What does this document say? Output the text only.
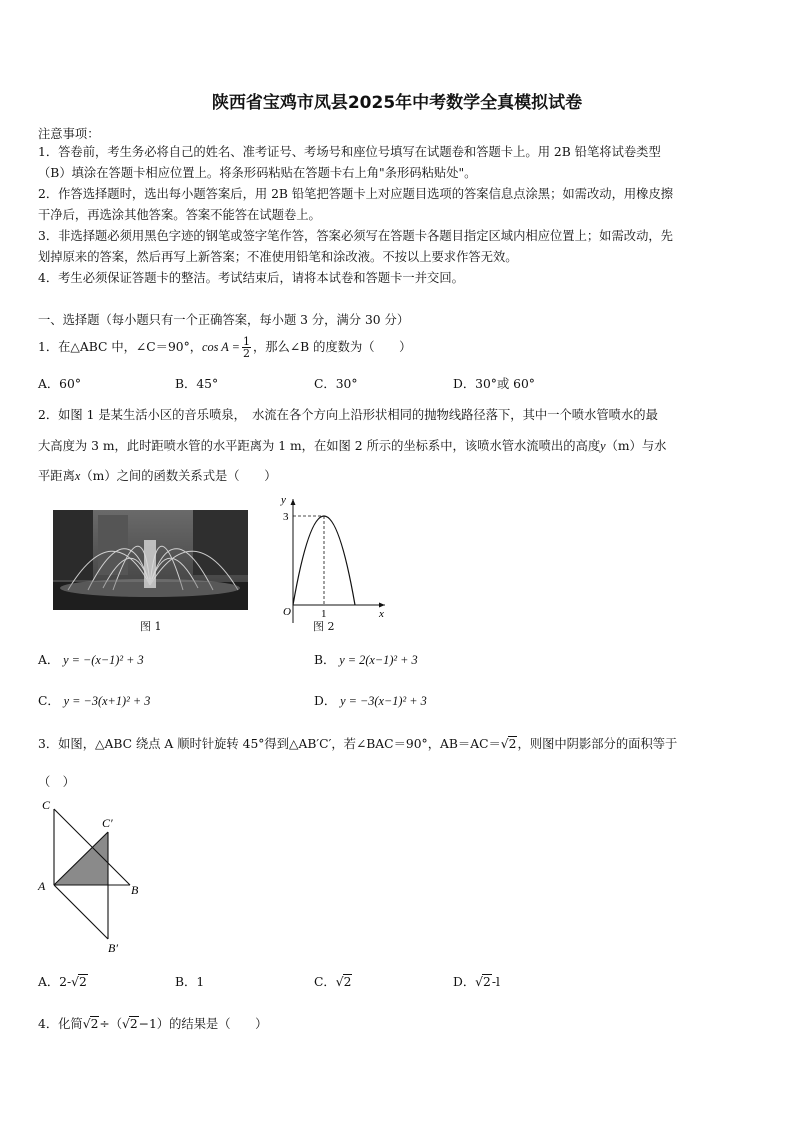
陕西省宝鸡市凤县2025年中考数学全真模拟试卷
注意事项：
1．答卷前，考生务必将自己的姓名、准考证号、考场号和座位号填写在试题卷和答题卡上。用 2B 铅笔将试卷类型
（B）填涂在答题卡相应位置上。将条形码粘贴在答题卡右上角"条形码粘贴处"。
2．作答选择题时，选出每小题答案后，用 2B 铅笔把答题卡上对应题目选项的答案信息点涂黑；如需改动，用橡皮擦
干净后，再选涂其他答案。答案不能答在试题卷上。
3．非选择题必须用黑色字迹的钢笔或签字笔作答，答案必须写在答题卡各题目指定区域内相应位置上；如需改动，先
划掉原来的答案，然后再写上新答案；不准使用铅笔和涂改液。不按以上要求作答无效。
4．考生必须保证答题卡的整洁。考试结束后，请将本试卷和答题卡一并交回。
一、选择题（每小题只有一个正确答案，每小题 3 分，满分 30 分）
1．在△ABC 中，∠C＝90°，$\cos A = \frac{1}{2}$ ，那么∠B 的度数为（　　）
A．60°	B．45°	C．30°	D．30°或 60°
2．如图 1 是某生活小区的音乐喷泉，　水流在各个方向上沿形状相同的抛物线路径落下，其中一个喷水管喷水的最
大高度为 3 m，此时距喷水管的水平距离为 1 m，在如图 2 所示的坐标系中，该喷水管水流喷出的高度y（m）与水
平距离x（m）之间的函数关系式是（　　）
图 1
y
x
O
3
1
图 2
A． y = −(x−1)² + 3	B． y = 2(x−1)² + 3
C． y = −3(x+1)² + 3	D． y = −3(x−1)² + 3
3．如图，△ABC 绕点 A 顺时针旋转 45°得到△AB′C′，若∠BAC＝90°，AB＝AC＝√2，则图中阴影部分的面积等于
（　）
C
C′
A	B
B′
A．2-√2	B．1	C．√2	D．√2-l
4．化简√2÷（√2−1）的结果是（　　）
